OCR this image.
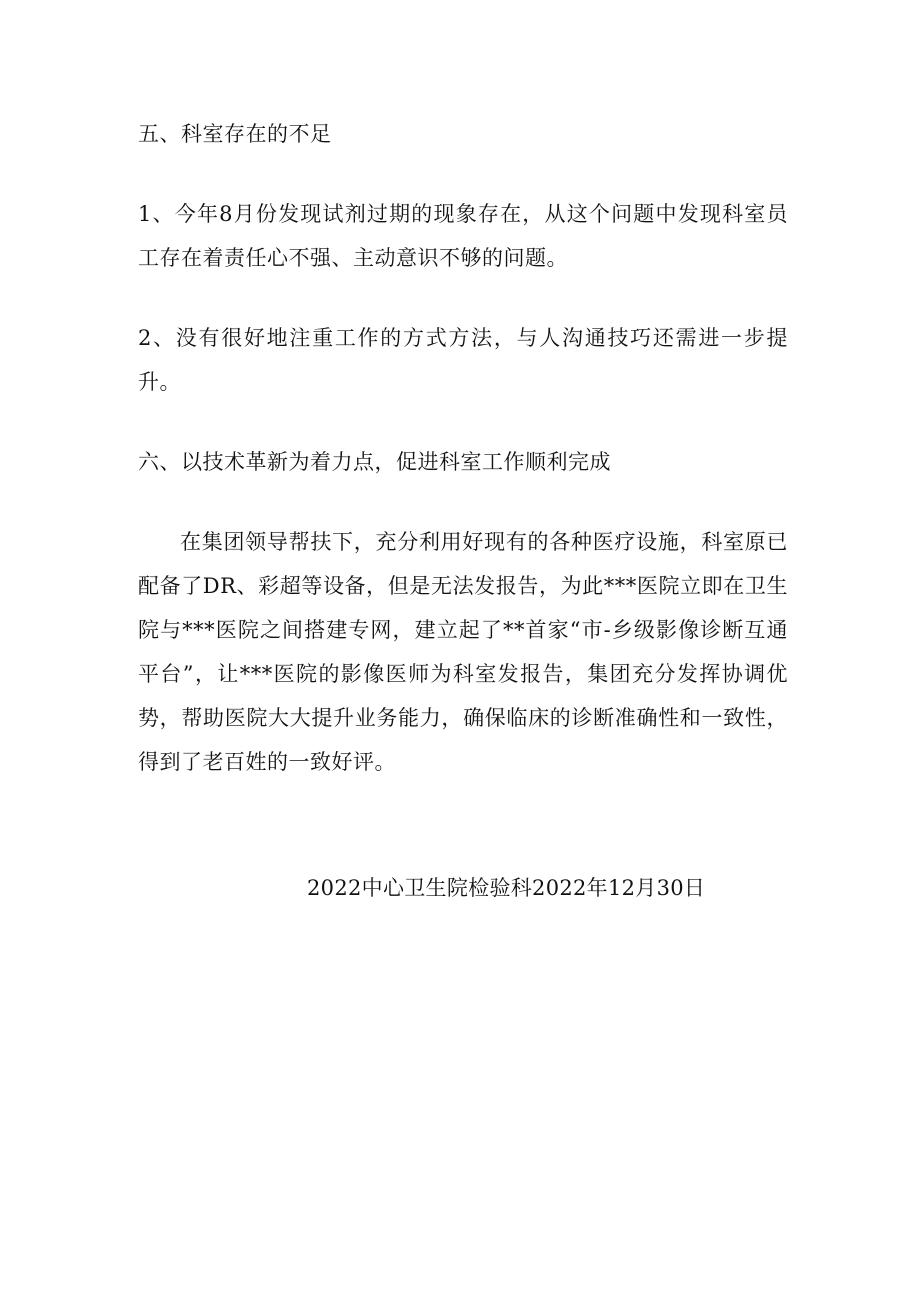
五、科室存在的不足

1、今年8月份发现试剂过期的现象存在，从这个问题中发现科室员工存在着责任心不强、主动意识不够的问题。

2、没有很好地注重工作的方式方法，与人沟通技巧还需进一步提升。

六、以技术革新为着力点，促进科室工作顺利完成

在集团领导帮扶下，充分利用好现有的各种医疗设施，科室原已配备了DR、彩超等设备，但是无法发报告，为此***医院立即在卫生院与***医院之间搭建专网，建立起了**首家“市-乡级影像诊断互通平台”，让***医院的影像医师为科室发报告，集团充分发挥协调优势，帮助医院大大提升业务能力，确保临床的诊断准确性和一致性，得到了老百姓的一致好评。

2022中心卫生院检验科2022年12月30日
